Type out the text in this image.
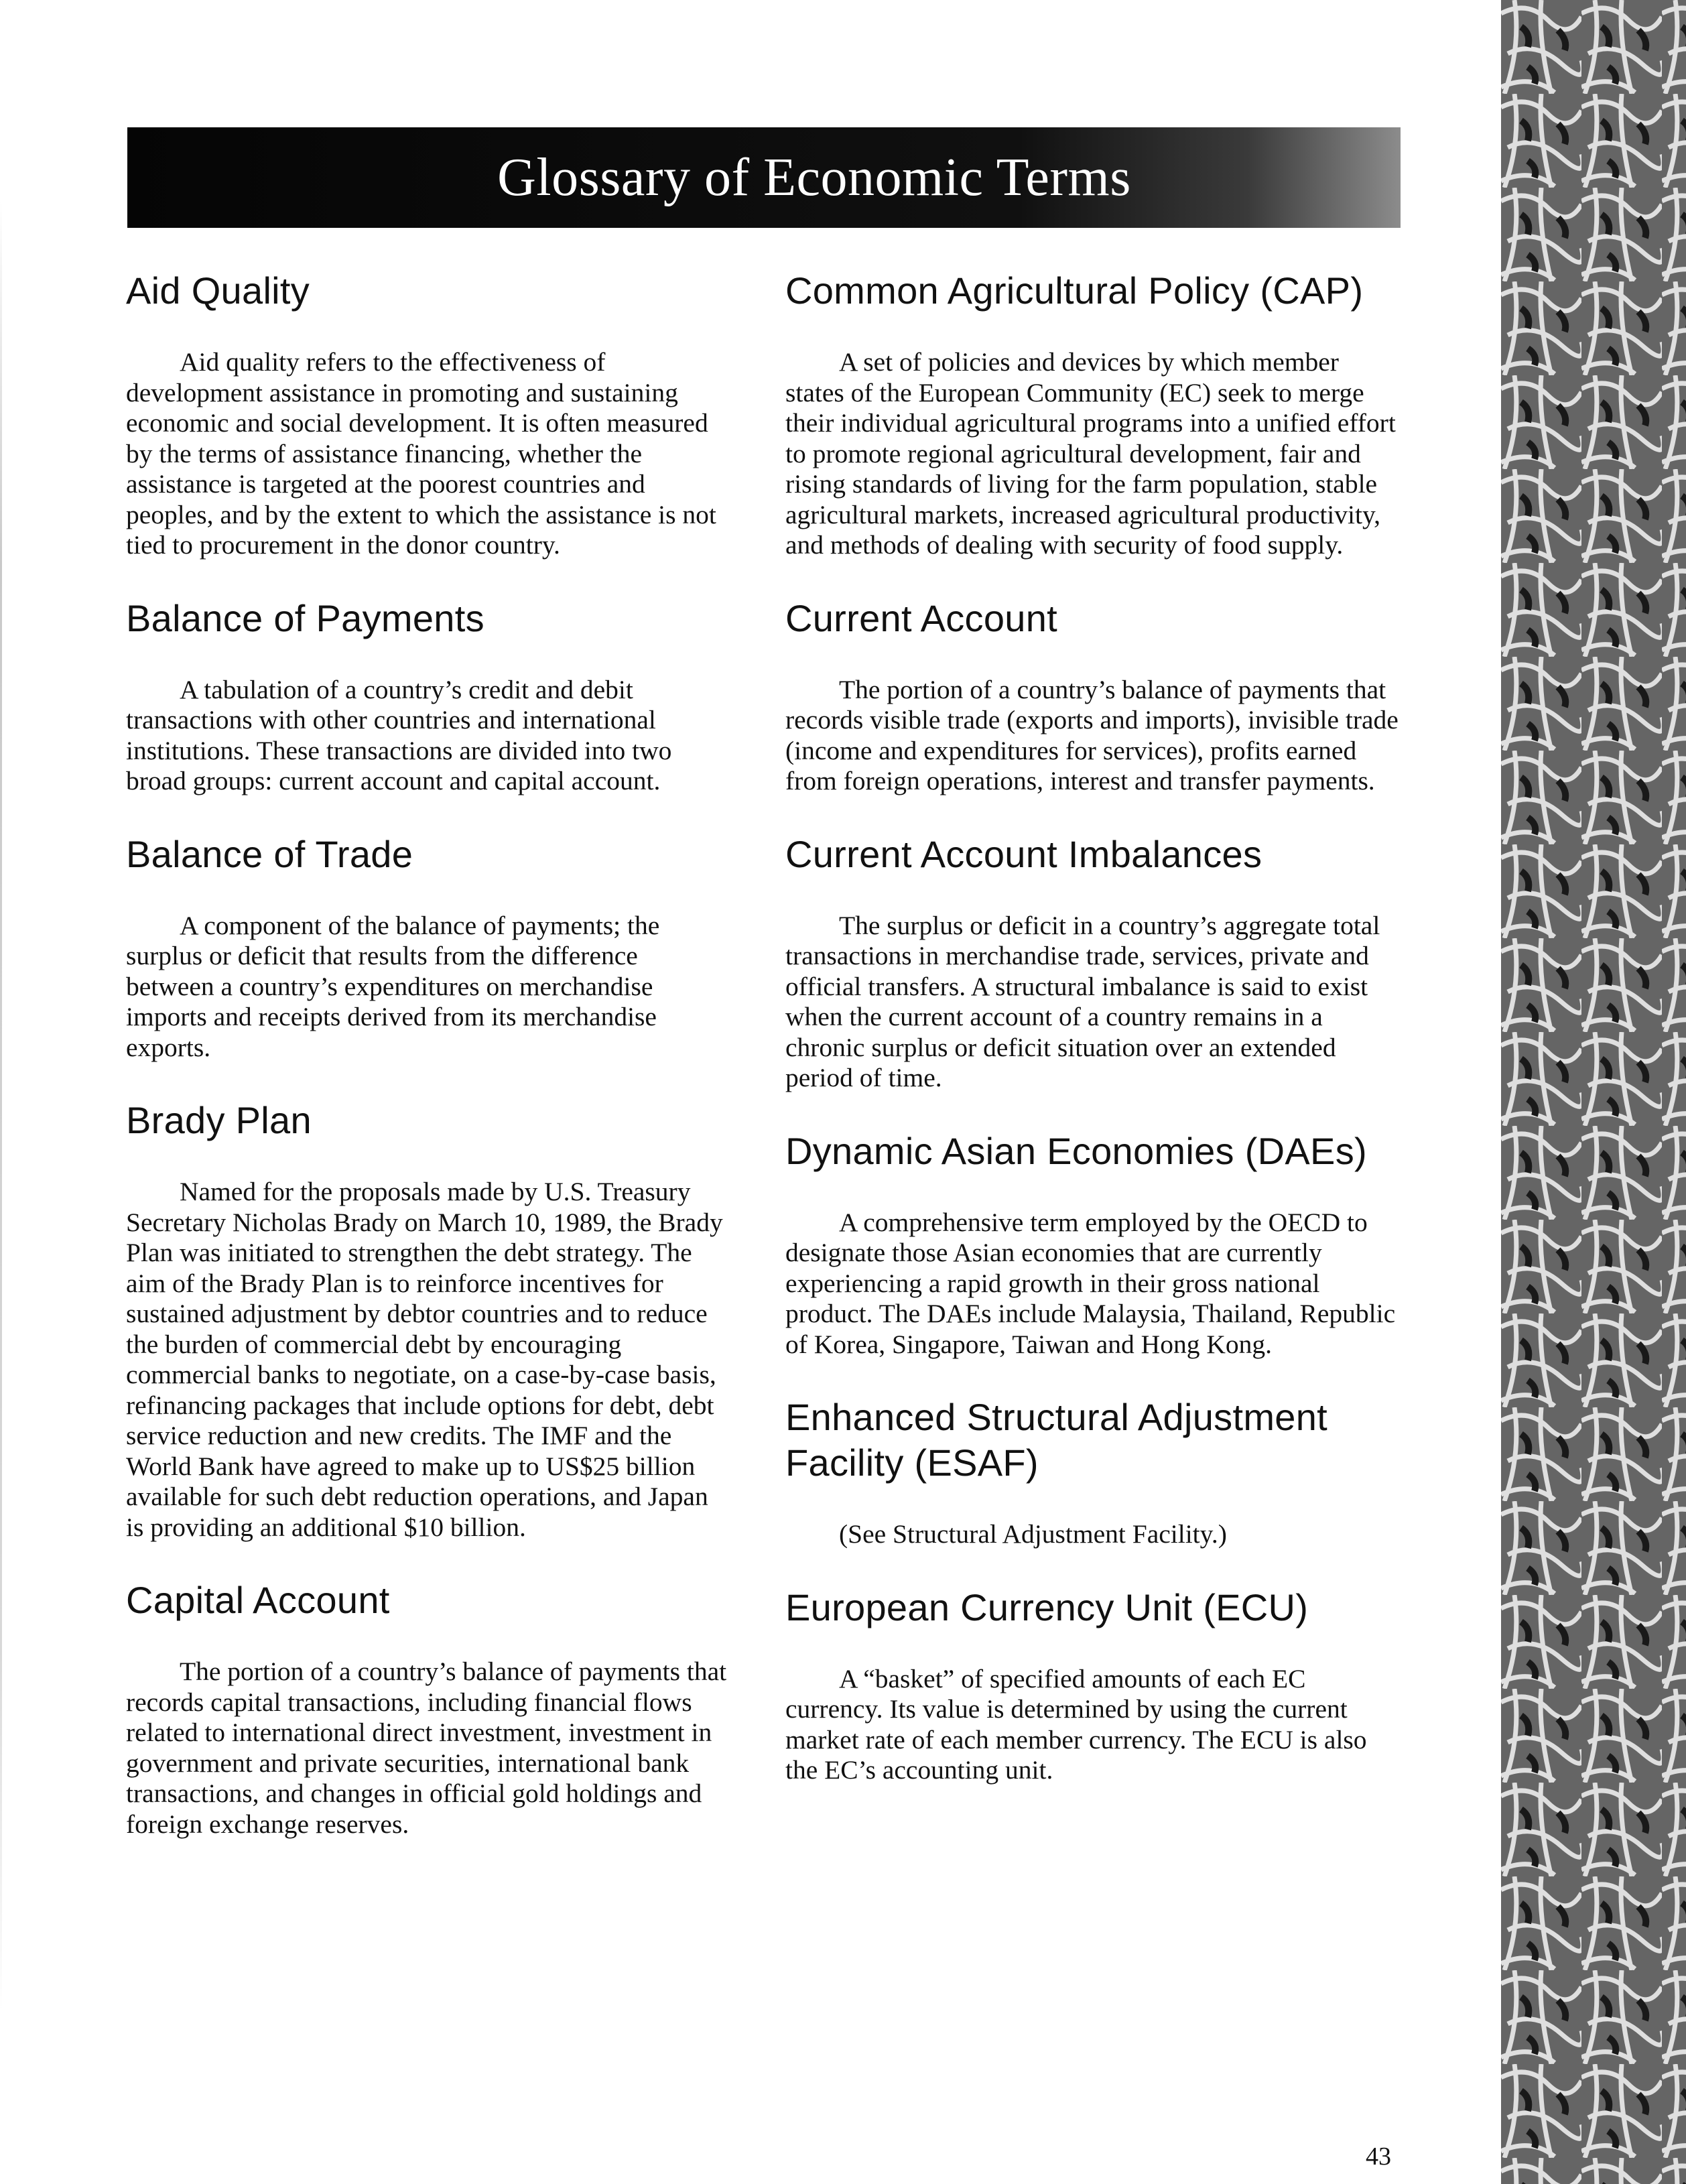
Glossary of Economic Terms
Aid Quality

Aid quality refers to the effectiveness of development assistance in promoting and sustaining economic and social development. It is often measured by the terms of assistance financing, whether the assistance is targeted at the poorest countries and peoples, and by the extent to which the assistance is not tied to procurement in the donor country.

Balance of Payments

A tabulation of a country’s credit and debit transactions with other countries and international institutions. These transactions are divided into two broad groups: current account and capital account.

Balance of Trade

A component of the balance of payments; the surplus or deficit that results from the difference between a country’s expenditures on merchandise imports and receipts derived from its merchandise exports.

Brady Plan

Named for the proposals made by U.S. Treasury Secretary Nicholas Brady on March 10, 1989, the Brady Plan was initiated to strengthen the debt strategy. The aim of the Brady Plan is to reinforce incentives for sustained adjustment by debtor countries and to reduce the burden of commercial debt by encouraging commercial banks to negotiate, on a case-by-case basis, refinancing packages that include options for debt, debt service reduction and new credits. The IMF and the World Bank have agreed to make up to US$25 billion available for such debt reduction operations, and Japan is providing an additional $10 billion.

Capital Account

The portion of a country’s balance of payments that records capital transactions, including financial flows related to international direct investment, investment in government and private securities, international bank transactions, and changes in official gold holdings and foreign exchange reserves.

Common Agricultural Policy (CAP)

A set of policies and devices by which member states of the European Community (EC) seek to merge their individual agricultural programs into a unified effort to promote regional agricultural development, fair and rising standards of living for the farm population, stable agricultural markets, increased agricultural productivity, and methods of dealing with security of food supply.

Current Account

The portion of a country’s balance of payments that records visible trade (exports and imports), invisible trade (income and expenditures for services), profits earned from foreign operations, interest and transfer payments.

Current Account Imbalances

The surplus or deficit in a country’s aggregate total transactions in merchandise trade, services, private and official transfers. A structural imbalance is said to exist when the current account of a country remains in a chronic surplus or deficit situation over an extended period of time.

Dynamic Asian Economies (DAEs)

A comprehensive term employed by the OECD to designate those Asian economies that are currently experiencing a rapid growth in their gross national product. The DAEs include Malaysia, Thailand, Republic of Korea, Singapore, Taiwan and Hong Kong.

Enhanced Structural Adjustment Facility (ESAF)

(See Structural Adjustment Facility.)

European Currency Unit (ECU)

A “basket” of specified amounts of each EC currency. Its value is determined by using the current market rate of each member currency. The ECU is also the EC’s accounting unit.

43
